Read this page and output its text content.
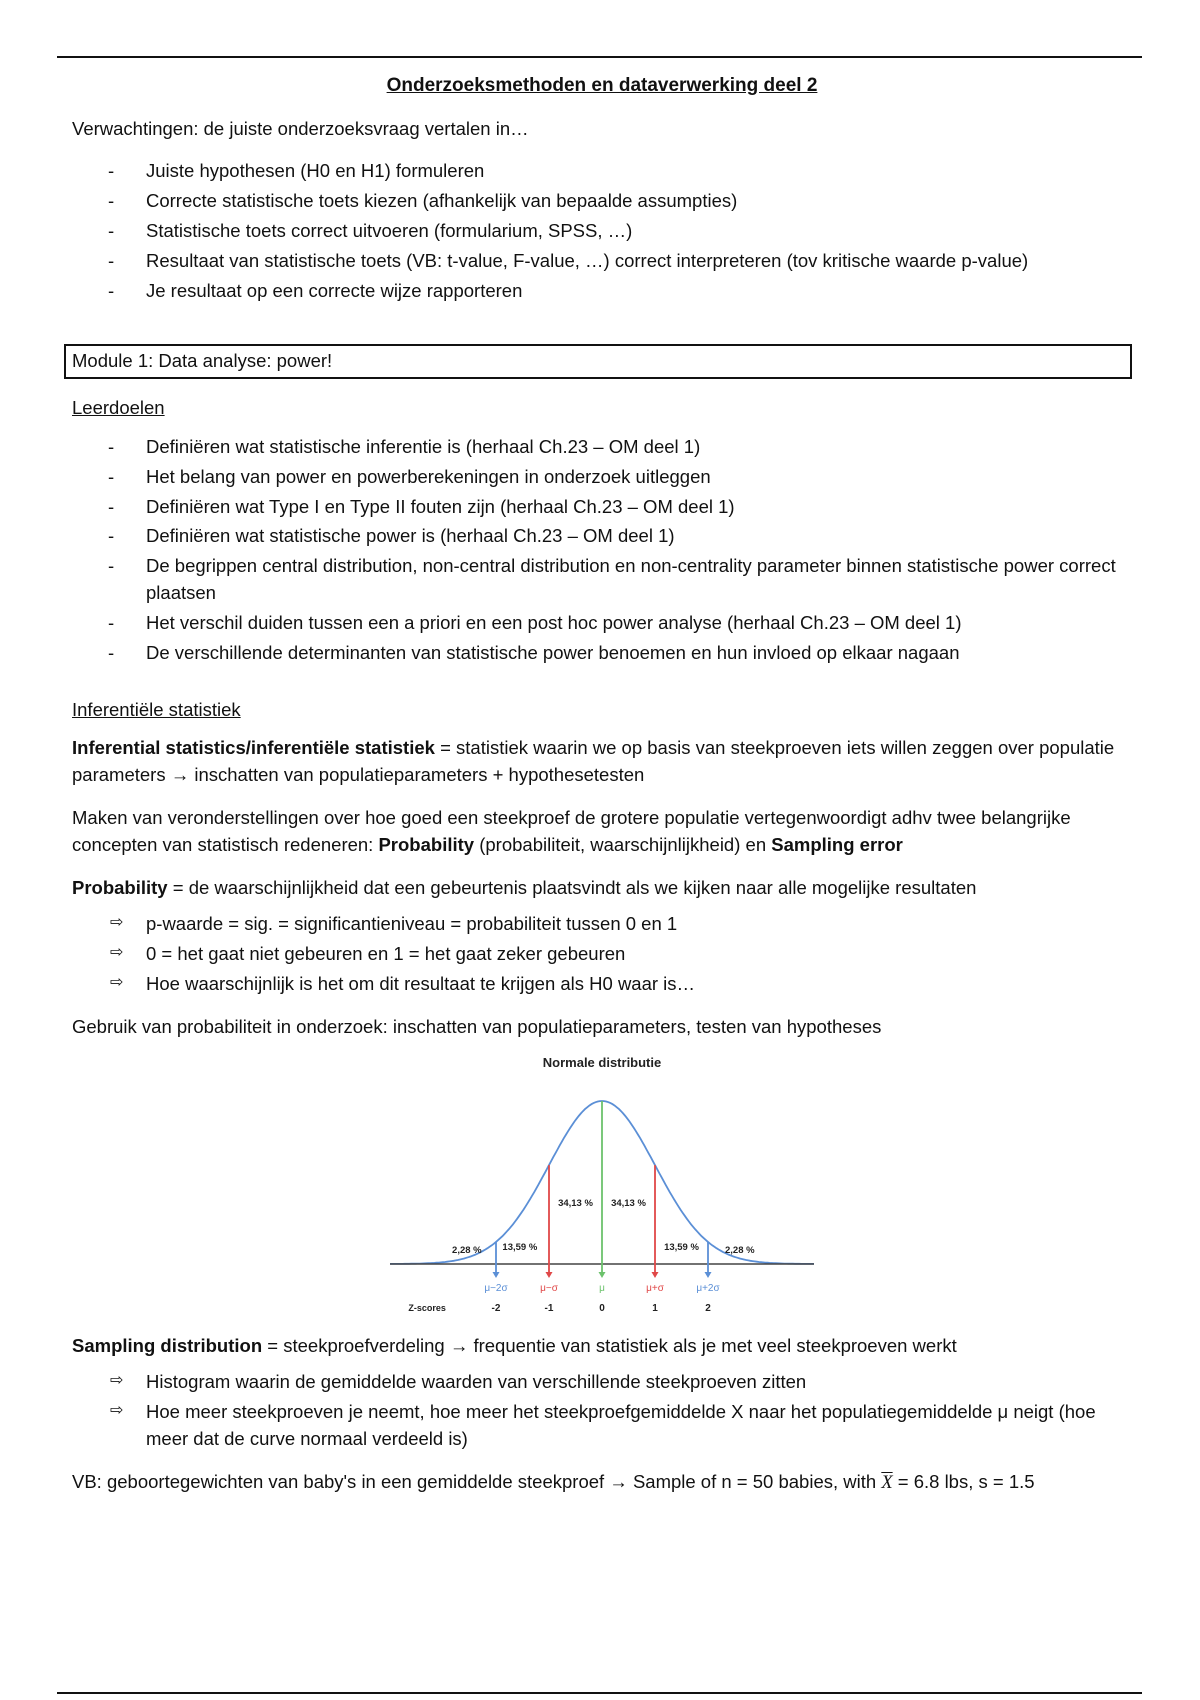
Onderzoeksmethoden en dataverwerking deel 2

Verwachtingen: de juiste onderzoeksvraag vertalen in…

- Juiste hypothesen (H0 en H1) formuleren
- Correcte statistische toets kiezen (afhankelijk van bepaalde assumpties)
- Statistische toets correct uitvoeren (formularium, SPSS, …)
- Resultaat van statistische toets (VB: t-value, F-value, …) correct interpreteren (tov kritische waarde p-value)
- Je resultaat op een correcte wijze rapporteren
Module 1: Data analyse: power!
Leerdoelen
- Definiëren wat statistische inferentie is (herhaal Ch.23 – OM deel 1)
- Het belang van power en powerberekeningen in onderzoek uitleggen
- Definiëren wat Type I en Type II fouten zijn (herhaal Ch.23 – OM deel 1)
- Definiëren wat statistische power is (herhaal Ch.23 – OM deel 1)
- De begrippen central distribution, non-central distribution en non-centrality parameter binnen statistische power correct plaatsen
- Het verschil duiden tussen een a priori en een post hoc power analyse (herhaal Ch.23 – OM deel 1)
- De verschillende determinanten van statistische power benoemen en hun invloed op elkaar nagaan
Inferentiële statistiek

Inferential statistics/inferentiële statistiek = statistiek waarin we op basis van steekproeven iets willen zeggen over populatie parameters → inschatten van populatieparameters + hypothesetesten

Maken van veronderstellingen over hoe goed een steekproef de grotere populatie vertegenwoordigt adhv twee belangrijke concepten van statistisch redeneren: Probability (probabiliteit, waarschijnlijkheid) en Sampling error

Probability = de waarschijnlijkheid dat een gebeurtenis plaatsvindt als we kijken naar alle mogelijke resultaten

⇨ p-waarde = sig. = significantieniveau = probabiliteit tussen 0 en 1
⇨ 0 = het gaat niet gebeuren en 1 = het gaat zeker gebeuren
⇨ Hoe waarschijnlijk is het om dit resultaat te krijgen als H0 waar is…

Gebruik van probabiliteit in onderzoek: inschatten van populatieparameters, testen van hypotheses

Normale distributie
μ−2σ	μ−σ	μ	μ+σ	μ+2σ
Z-scores	-2	-1	0	1	2
2,28 % 13,59 %
34,13 % 34,13 %
13,59 %	2,28 %

Sampling distribution = steekproefverdeling → frequentie van statistiek als je met veel steekproeven werkt

⇨ Histogram waarin de gemiddelde waarden van verschillende steekproeven zitten
⇨ Hoe meer steekproeven je neemt, hoe meer het steekproefgemiddelde X naar het populatiegemiddelde μ neigt (hoe meer dat de curve normaal verdeeld is)

VB: geboortegewichten van baby's in een gemiddelde steekproef → Sample of n = 50 babies, with $\overline{X} = 6.8$ lbs, s = 1.5
